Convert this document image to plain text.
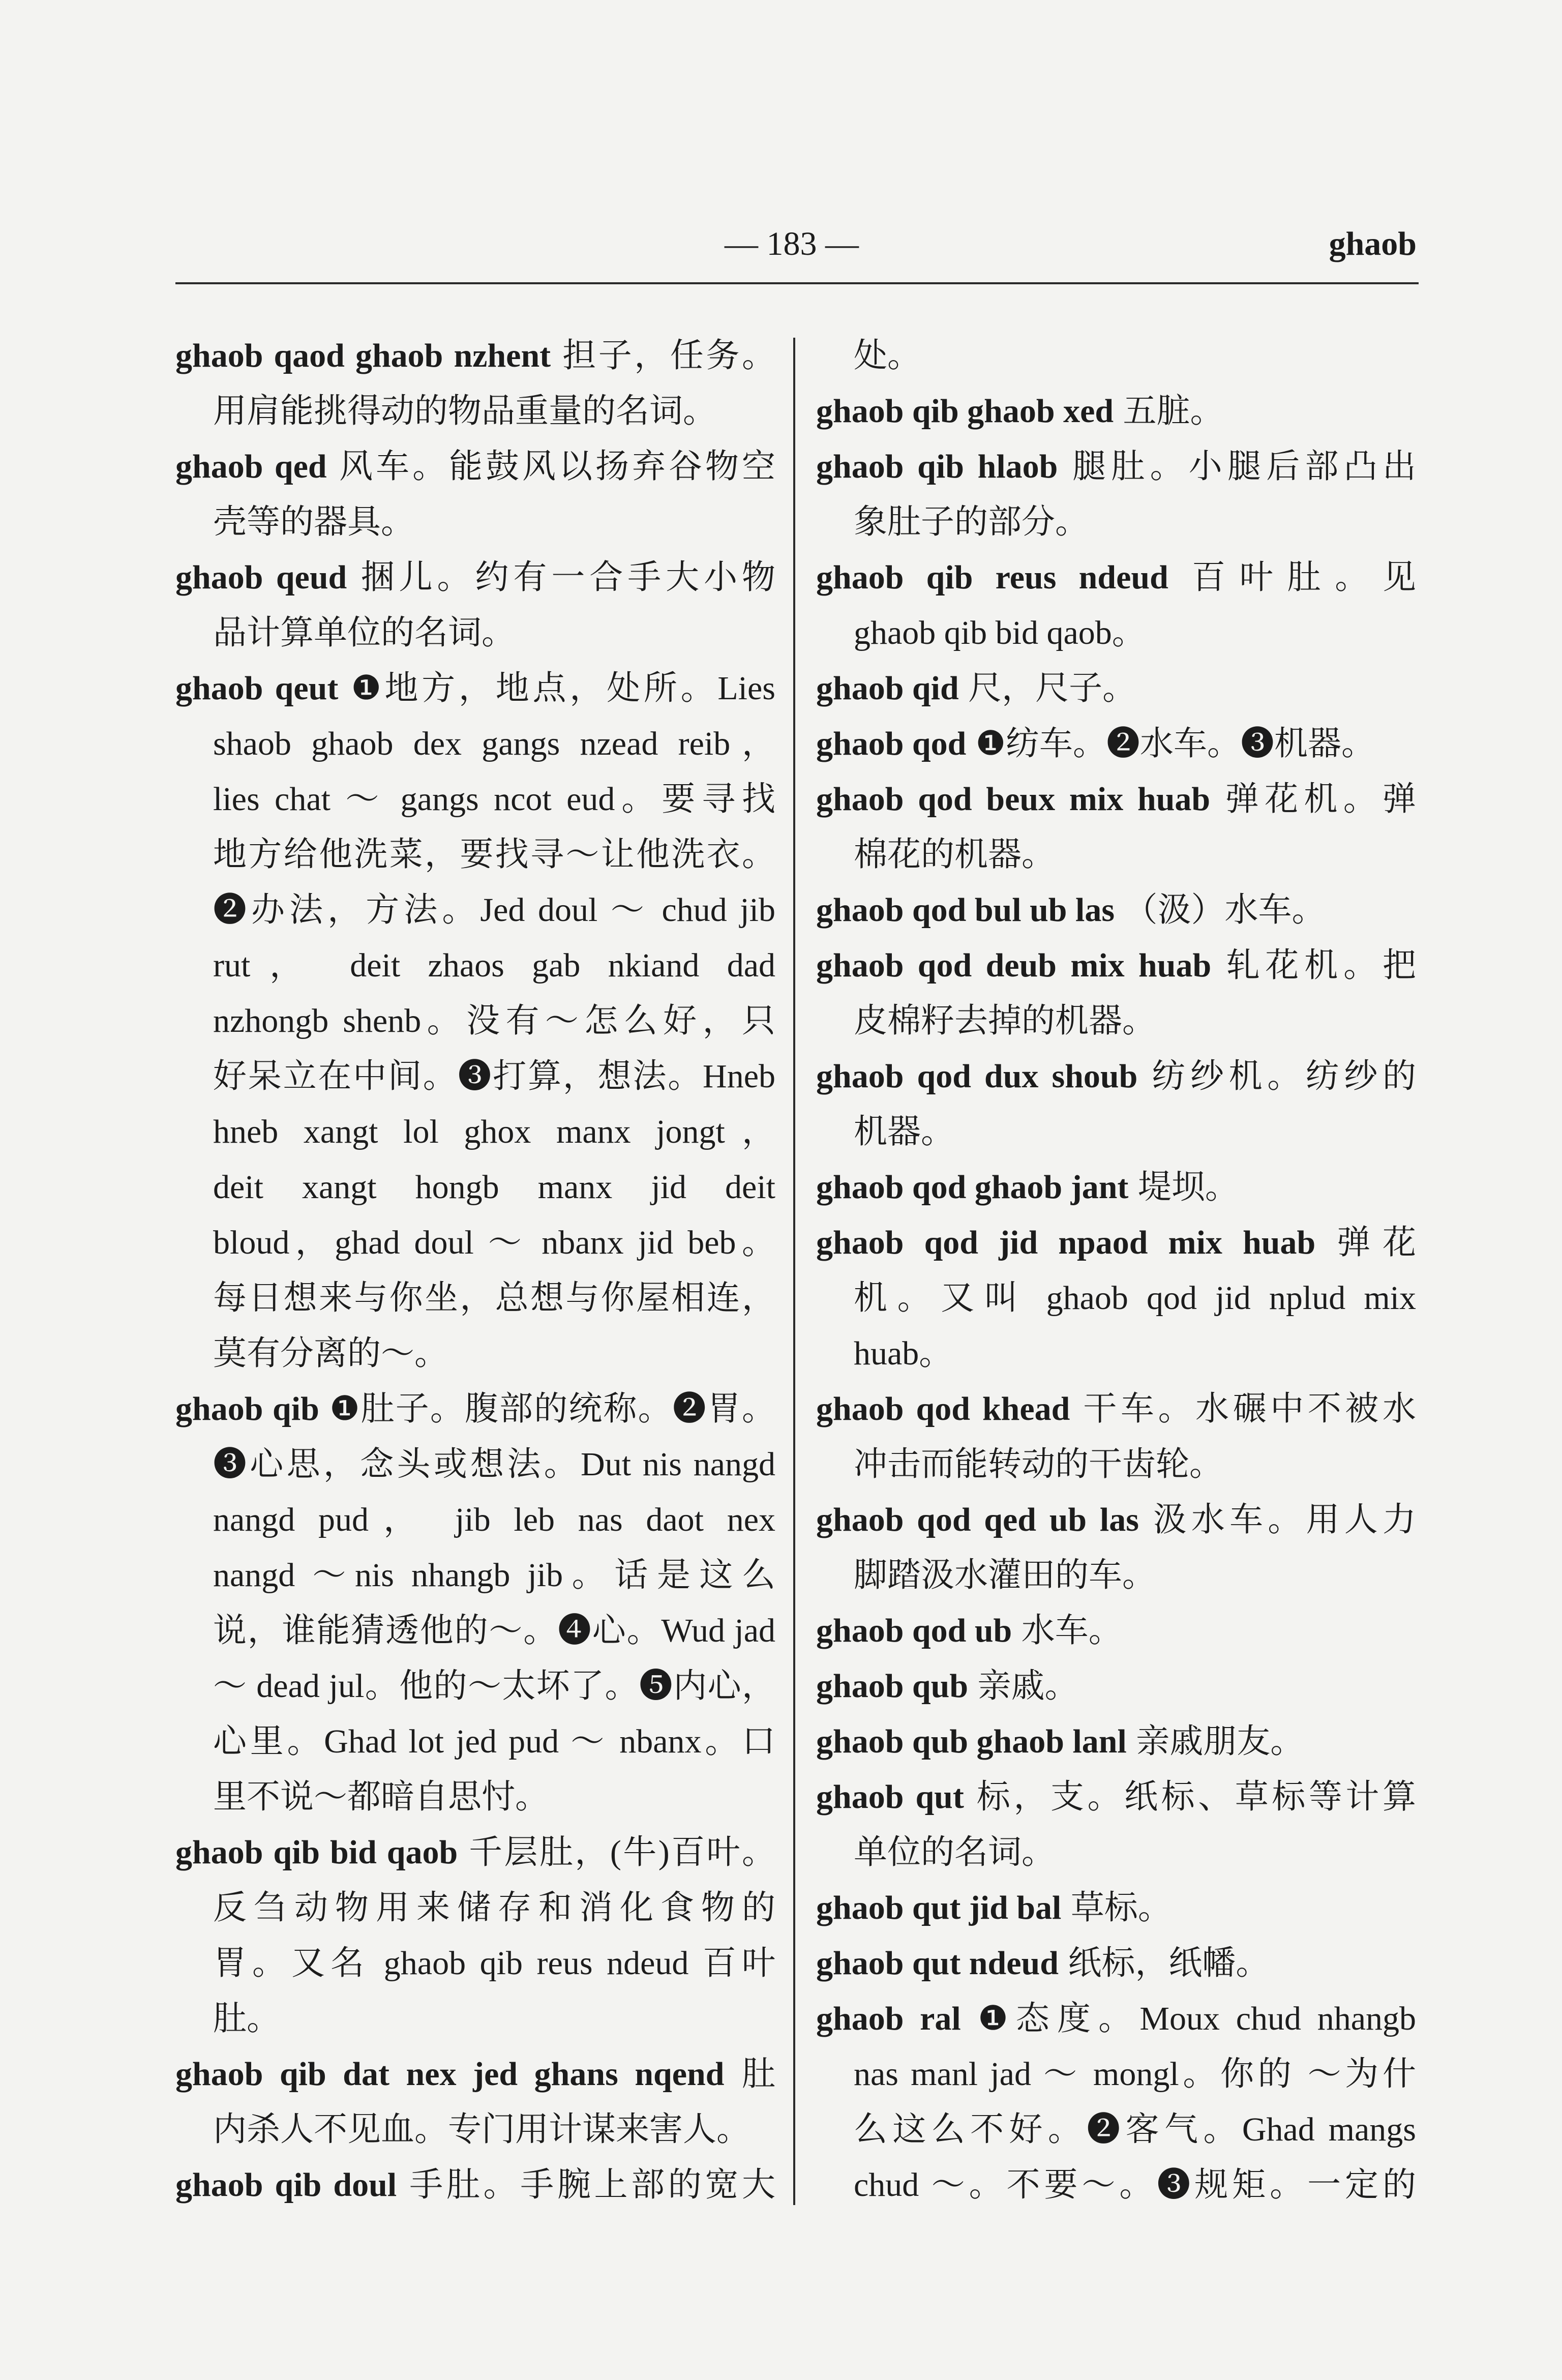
— 183 —	ghaob
ghaob qaod ghaob nzhent 担子，任务。
用肩能挑得动的物品重量的名词。
ghaob qed 风车。能鼓风以扬弃谷物空
壳等的器具。
ghaob qeud 捆儿。约有一合手大小物
品计算单位的名词。
ghaob qeut ❶地方，地点，处所。Lies
shaob ghaob dex gangs nzead reib，
lies chat ～ gangs ncot eud。要寻找
地方给他洗菜，要找寻～让他洗衣。
❷办法，方法。Jed doul ～ chud jib
rut， deit zhaos gab nkiand dad
nzhongb shenb。没有～怎么好，只
好呆立在中间。❸打算，想法。Hneb
hneb xangt lol ghox manx jongt，
deit xangt hongb manx jid deit
bloud，ghad doul ～ nbanx jid beb。
每日想来与你坐，总想与你屋相连，
莫有分离的～。
ghaob qib ❶肚子。腹部的统称。❷胃。
❸心思，念头或想法。Dut nis nangd
nangd pud， jib leb nas daot nex
nangd ～nis nhangb jib。话是这么
说，谁能猜透他的～。❹心。Wud jad
～ dead jul。他的～太坏了。❺内心，
心里。Ghad lot jed pud ～ nbanx。口
里不说～都暗自思忖。
ghaob qib bid qaob 千层肚，(牛)百叶。
反刍动物用来储存和消化食物的
胃。又名 ghaob qib reus ndeud 百叶
肚。
ghaob qib dat nex jed ghans nqend 肚
内杀人不见血。专门用计谋来害人。
ghaob qib doul 手肚。手腕上部的宽大
处。
ghaob qib ghaob xed 五脏。
ghaob qib hlaob 腿肚。小腿后部凸出
象肚子的部分。
ghaob qib reus ndeud 百叶肚。见
ghaob qib bid qaob。
ghaob qid 尺，尺子。
ghaob qod ❶纺车。❷水车。❸机器。
ghaob qod beux mix huab 弹花机。弹
棉花的机器。
ghaob qod bul ub las （汲）水车。
ghaob qod deub mix huab 轧花机。把
皮棉籽去掉的机器。
ghaob qod dux shoub 纺纱机。纺纱的
机器。
ghaob qod ghaob jant 堤坝。
ghaob qod jid npaod mix huab 弹花
机。又叫 ghaob qod jid nplud mix
huab。
ghaob qod khead 干车。水碾中不被水
冲击而能转动的干齿轮。
ghaob qod qed ub las 汲水车。用人力
脚踏汲水灌田的车。
ghaob qod ub 水车。
ghaob qub 亲戚。
ghaob qub ghaob lanl 亲戚朋友。
ghaob qut 标，支。纸标、草标等计算
单位的名词。
ghaob qut jid bal 草标。
ghaob qut ndeud 纸标，纸幡。
ghaob ral ❶态度。Moux chud nhangb
nas manl jad ～ mongl。你的 ～为什
么这么不好。❷客气。Ghad mangs
chud ～。不要～。❸规矩。一定的
